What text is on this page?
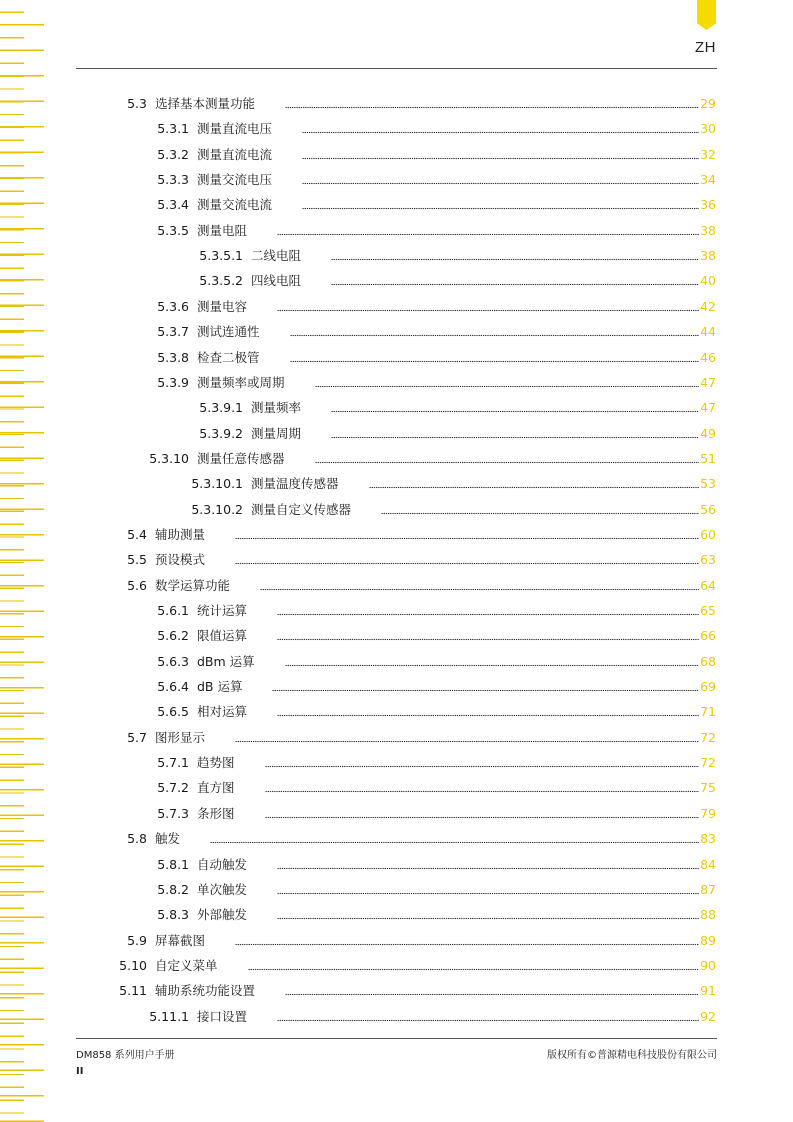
ZH
5.3 选择基本测量功能	29
5.3.1 测量直流电压	30
5.3.2 测量直流电流	32
5.3.3 测量交流电压	34
5.3.4 测量交流电流	36
5.3.5 测量电阻	38
5.3.5.1 二线电阻	38
5.3.5.2 四线电阻	40
5.3.6 测量电容	42
5.3.7 测试连通性	44
5.3.8 检查二极管	46
5.3.9 测量频率或周期	47
5.3.9.1 测量频率	47
5.3.9.2 测量周期	49
5.3.10 测量任意传感器	51
5.3.10.1 测量温度传感器	53
5.3.10.2 测量自定义传感器	56
5.4 辅助测量	60
5.5 预设模式	63
5.6 数学运算功能	64
5.6.1 统计运算	65
5.6.2 限值运算	66
5.6.3 dBm 运算	68
5.6.4 dB 运算	69
5.6.5 相对运算	71
5.7 图形显示	72
5.7.1 趋势图	72
5.7.2 直方图	75
5.7.3 条形图	79
5.8 触发	83
5.8.1 自动触发	84
5.8.2 单次触发	87
5.8.3 外部触发	88
5.9 屏幕截图	89
5.10 自定义菜单	90
5.11 辅助系统功能设置	91
5.11.1 接口设置	92
DM858 系列用户手册	版权所有©普源精电科技股份有限公司
II
